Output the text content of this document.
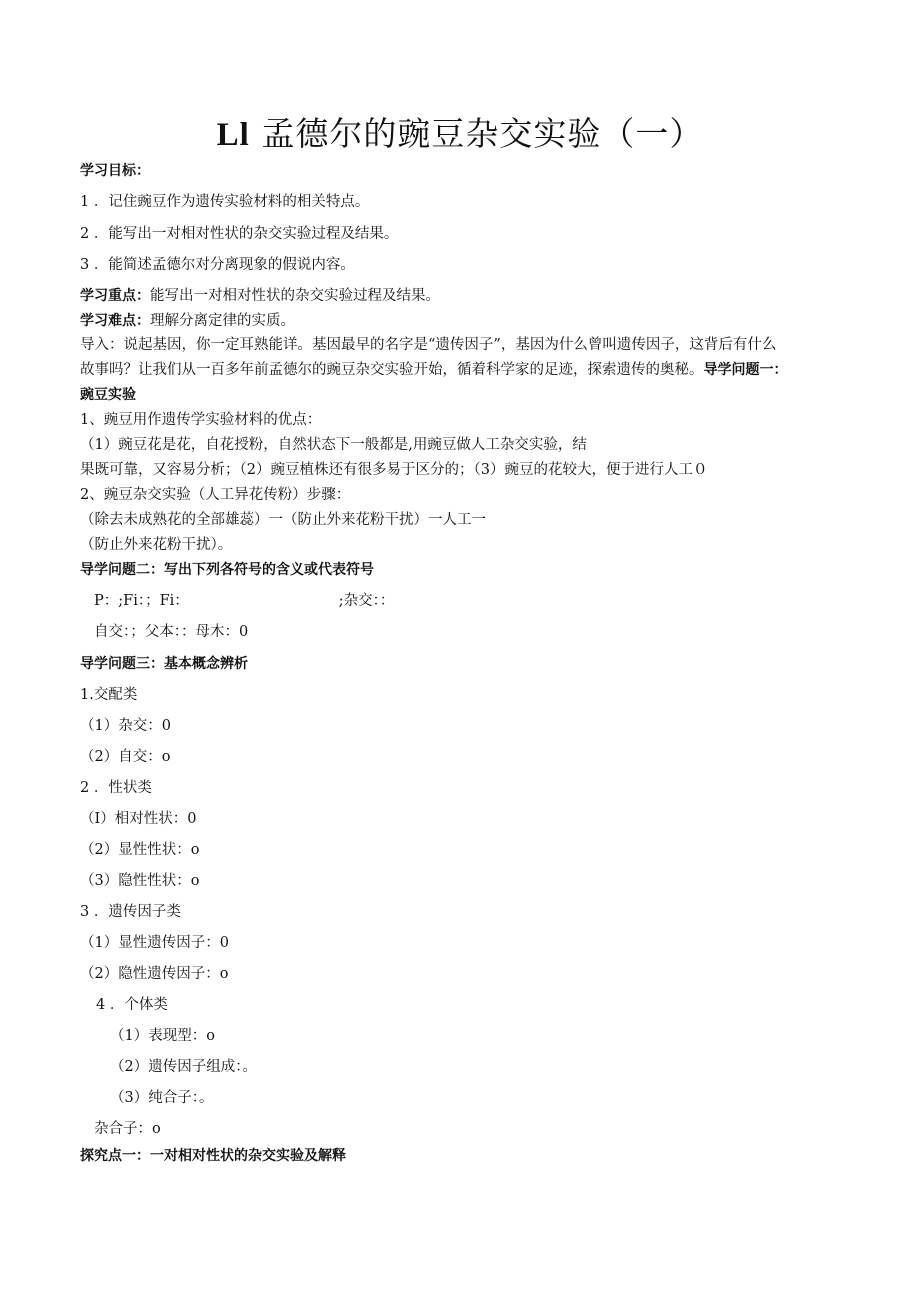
Ll 孟德尔的豌豆杂交实验（一）
学习目标：
1 ．记住豌豆作为遗传实验材料的相关特点。
2 ．能写出一对相对性状的杂交实验过程及结果。
3 ．能简述孟德尔对分离现象的假说内容。
学习重点：能写出一对相对性状的杂交实验过程及结果。
学习难点：理解分离定律的实质。
导入：说起基因，你一定耳熟能详。基因最早的名字是“遗传因子”，基因为什么曾叫遗传因子，这背后有什么
故事吗？让我们从一百多年前孟德尔的豌豆杂交实验开始，循着科学家的足迹，探索遗传的奥秘。导学问题一：
豌豆实验
1、豌豆用作遗传学实验材料的优点：
（1）豌豆花是花，自花授粉，自然状态下一般都是,用豌豆做人工杂交实验，结
果既可靠，又容易分析；（2）豌豆植株还有很多易于区分的；（3）豌豆的花较大，便于进行人工０
2、豌豆杂交实验（人工异花传粉）步骤：
（除去未成熟花的全部雄蕊）一（防止外来花粉干扰）一人工一
（防止外来花粉干扰）。
导学问题二：写出下列各符号的含义或代表符号
P：;Fi：；Fi：	;杂交：：
自交：；父本：：母木：0
导学问题三：基本概念辨析
1.交配类
（1）杂交：0
（2）自交：o
2 ．性状类
（I）相对性状：0
（2）显性性状：o
（3）隐性性状：o
3 ．遗传因子类
（1）显性遗传因子：0
（2）隐性遗传因子：o
4 ．个体类
（1）表现型：o
（2）遗传因子组成：。
（3）纯合子：。
杂合子：o
探究点一：一对相对性状的杂交实验及解释
